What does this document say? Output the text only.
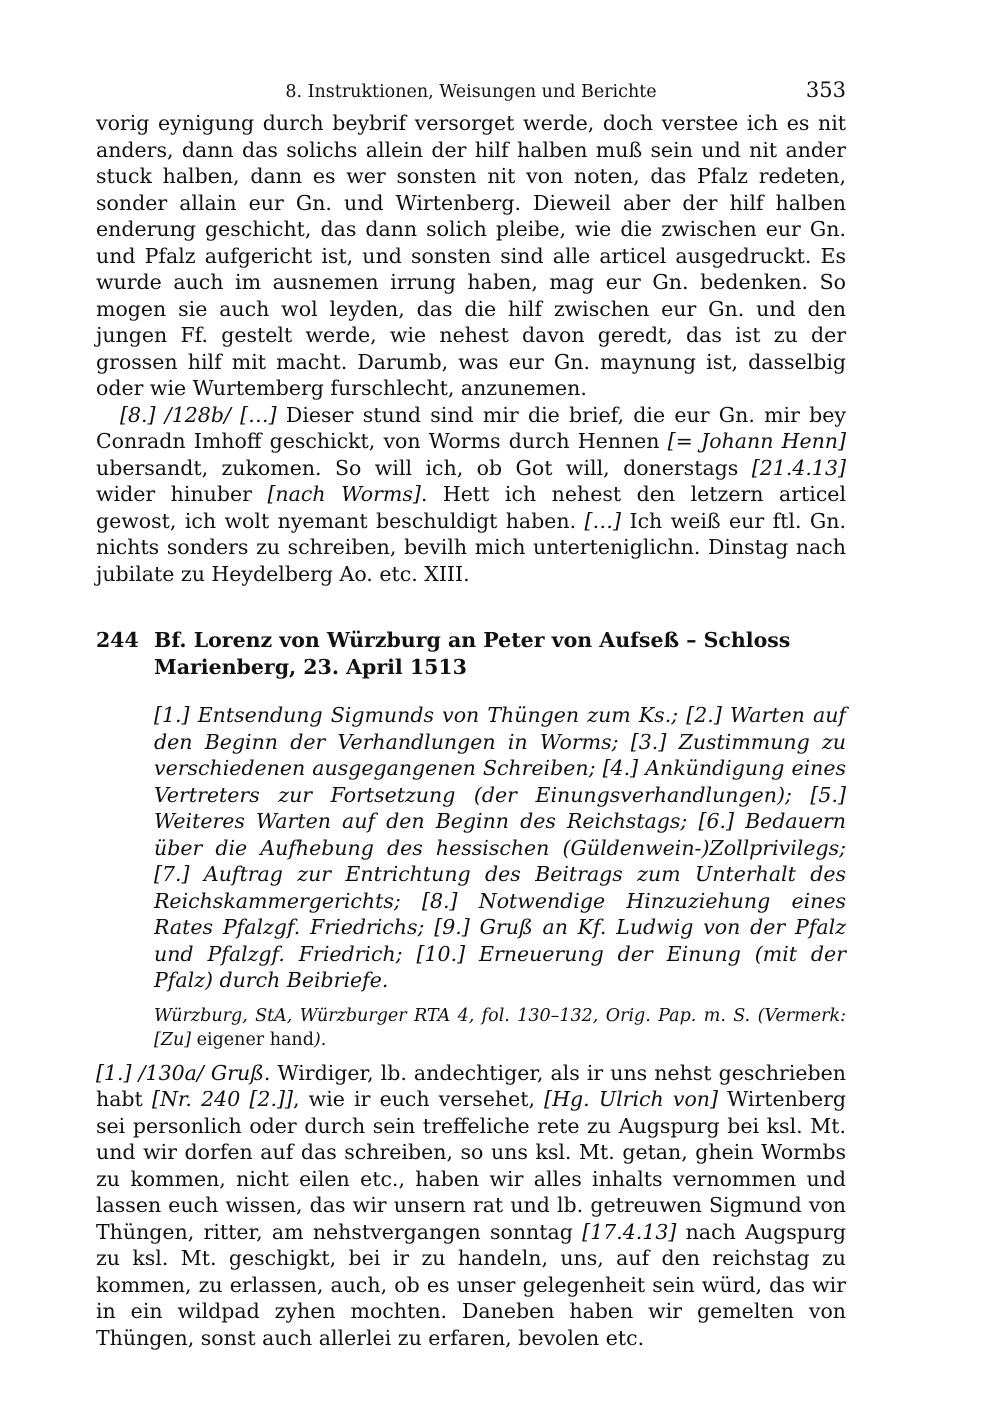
8. Instruktionen, Weisungen und Berichte	353

vorig eynigung durch beybrif versorget werde, doch verstee ich es nit anders, dann das solichs allein der hilf halben muß sein und nit ander stuck halben, dann es wer sonsten nit von noten, das Pfalz redeten, sonder allain eur Gn. und Wirtenberg. Dieweil aber der hilf halben enderung geschicht, das dann solich pleibe, wie die zwischen eur Gn. und Pfalz aufgericht ist, und sonsten sind alle articel ausgedruckt. Es wurde auch im ausnemen irrung haben, mag eur Gn. bedenken. So mogen sie auch wol leyden, das die hilf zwischen eur Gn. und den jungen Ff. gestelt werde, wie nehest davon geredt, das ist zu der grossen hilf mit macht. Darumb, was eur Gn. maynung ist, dasselbig oder wie Wurtemberg furschlecht, anzunemen.

[8.] /128b/ […] Dieser stund sind mir die brief, die eur Gn. mir bey Conradn Imhoff geschickt, von Worms durch Hennen [= Johann Henn] ubersandt, zukomen. So will ich, ob Got will, donerstags [21.4.13] wider hinuber [nach Worms]. Hett ich nehest den letzern articel gewost, ich wolt nyemant beschuldigt haben. […] Ich weiß eur ftl. Gn. nichts sonders zu schreiben, bevilh mich unterteniglichn. Dinstag nach jubilate zu Heydelberg Ao. etc. XIII.

244 Bf. Lorenz von Würzburg an Peter von Aufseß – Schloss Marienberg, 23. April 1513
[1.] Entsendung Sigmunds von Thüngen zum Ks.; [2.] Warten auf den Beginn der Verhandlungen in Worms; [3.] Zustimmung zu verschiedenen ausgegangenen Schreiben; [4.] Ankündigung eines Vertreters zur Fortsetzung (der Einungsverhandlungen); [5.] Weiteres Warten auf den Beginn des Reichstags; [6.] Bedauern über die Aufhebung des hessischen (Güldenwein-)Zollprivilegs; [7.] Auftrag zur Entrichtung des Beitrags zum Unterhalt des Reichskammergerichts; [8.] Notwendige Hinzuziehung eines Rates Pfalzgf. Friedrichs; [9.] Gruß an Kf. Ludwig von der Pfalz und Pfalzgf. Friedrich; [10.] Erneuerung der Einung (mit der Pfalz) durch Beibriefe.
Würzburg, StA, Würzburger RTA 4, fol. 130–132, Orig. Pap. m. S. (Vermerk: [Zu] eigener hand).

[1.] /130a/ Gruß. Wirdiger, lb. andechtiger, als ir uns nehst geschrieben habt [Nr. 240 [2.]], wie ir euch versehet, [Hg. Ulrich von] Wirtenberg sei personlich oder durch sein treffeliche rete zu Augspurg bei ksl. Mt. und wir dorfen auf das schreiben, so uns ksl. Mt. getan, ghein Wormbs zu kommen, nicht eilen etc., haben wir alles inhalts vernommen und lassen euch wissen, das wir unsern rat und lb. getreuwen Sigmund von Thüngen, ritter, am nehstvergangen sonntag [17.4.13] nach Augspurg zu ksl. Mt. geschigkt, bei ir zu handeln, uns, auf den reichstag zu kommen, zu erlassen, auch, ob es unser gelegenheit sein würd, das wir in ein wildpad zyhen mochten. Daneben haben wir gemelten von Thüngen, sonst auch allerlei zu erfaren, bevolen etc.
